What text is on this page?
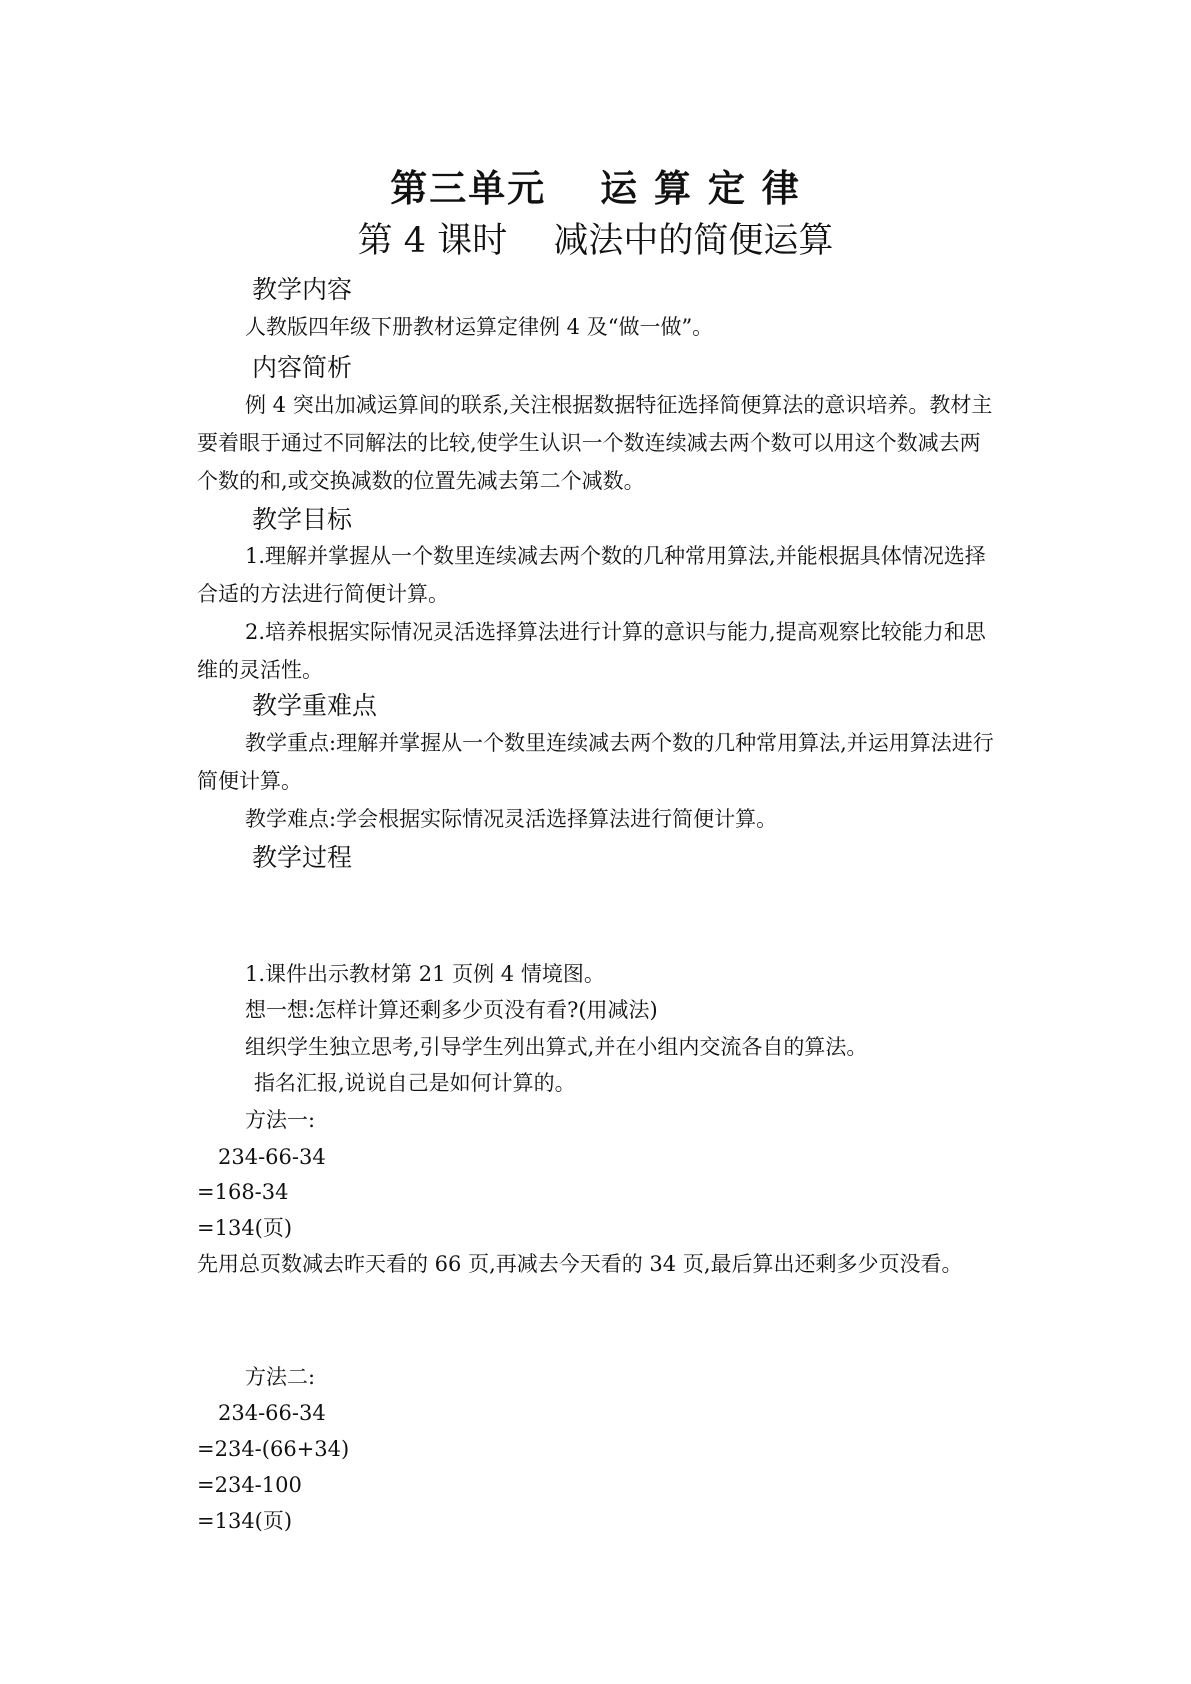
第三单元　 运 算 定 律
第 4 课时　 减法中的简便运算
教学内容

人教版四年级下册教材运算定律例 4 及“做一做”。

内容简析

例 4 突出加减运算间的联系,关注根据数据特征选择简便算法的意识培养。教材主要着眼于通过不同解法的比较,使学生认识一个数连续减去两个数可以用这个数减去两个数的和,或交换减数的位置先减去第二个减数。

教学目标

1.理解并掌握从一个数里连续减去两个数的几种常用算法,并能根据具体情况选择合适的方法进行简便计算。

2.培养根据实际情况灵活选择算法进行计算的意识与能力,提高观察比较能力和思维的灵活性。

教学重难点

教学重点:理解并掌握从一个数里连续减去两个数的几种常用算法,并运用算法进行简便计算。

教学难点:学会根据实际情况灵活选择算法进行简便计算。

教学过程

1.课件出示教材第 21 页例 4 情境图。

想一想:怎样计算还剩多少页没有看?(用减法)

组织学生独立思考,引导学生列出算式,并在小组内交流各自的算法。

指名汇报,说说自己是如何计算的。

方法一:

234-66-34

=168-34

=134(页)

先用总页数减去昨天看的 66 页,再减去今天看的 34 页,最后算出还剩多少页没看。

方法二:

234-66-34

=234-(66+34)

=234-100

=134(页)
